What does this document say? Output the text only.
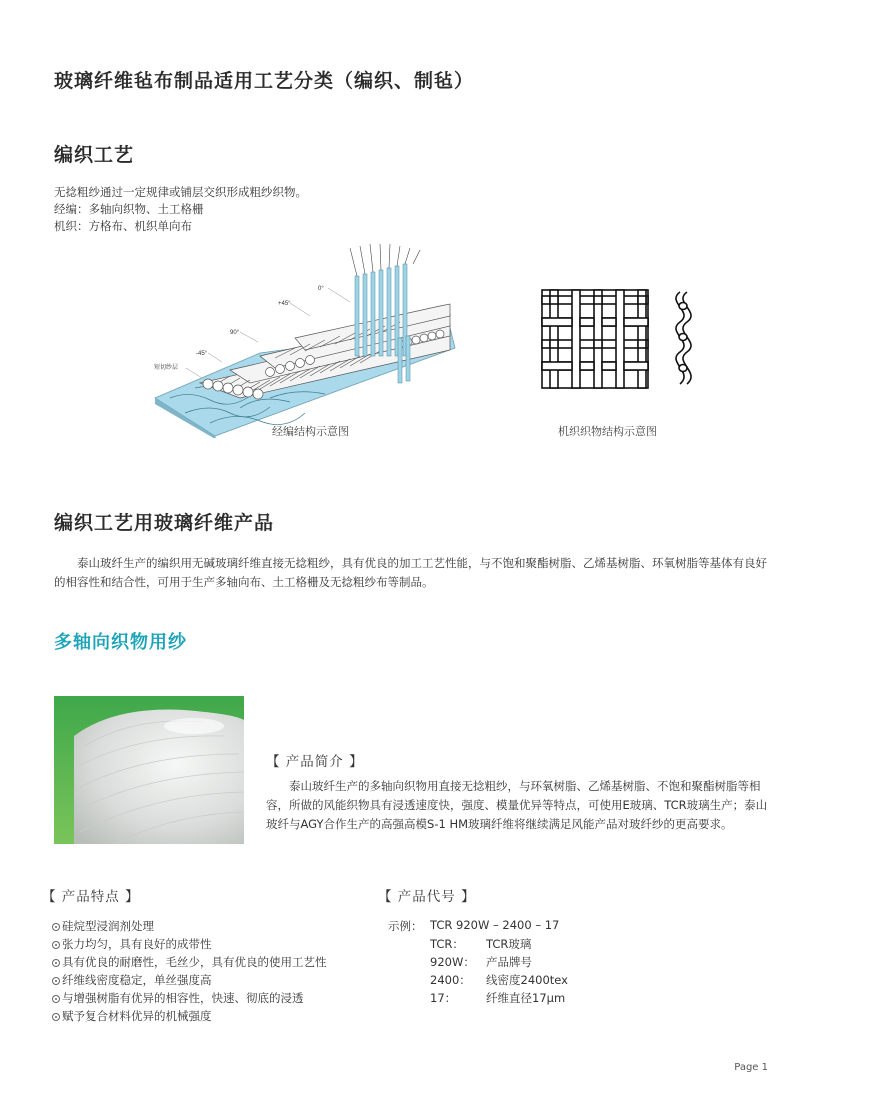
玻璃纤维毡布制品适用工艺分类（编织、制毡）
编织工艺
无捻粗纱通过一定规律或铺层交织形成粗纱织物。
经编：多轴向织物、土工格栅
机织：方格布、机织单向布
0°
+45°
90°
-45°
短切纱层
经编结构示意图	机织织物结构示意图
编织工艺用玻璃纤维产品
泰山玻纤生产的编织用无碱玻璃纤维直接无捻粗纱，具有优良的加工工艺性能，与不饱和聚酯树脂、乙烯基树脂、环氧树脂等基体有良好的相容性和结合性，可用于生产多轴向布、土工格栅及无捻粗纱布等制品。
多轴向织物用纱
【 产品简介 】
泰山玻纤生产的多轴向织物用直接无捻粗纱，与环氧树脂、乙烯基树脂、不饱和聚酯树脂等相容，所做的风能织物具有浸透速度快，强度、模量优异等特点，可使用E玻璃、TCR玻璃生产；泰山玻纤与AGY合作生产的高强高模S-1 HM玻璃纤维将继续满足风能产品对玻纤纱的更高要求。
【 产品特点 】
硅烷型浸润剂处理
张力均匀，具有良好的成带性
具有优良的耐磨性，毛丝少，具有优良的使用工艺性
纤维线密度稳定，单丝强度高
与增强树脂有优异的相容性，快速、彻底的浸透
赋予复合材料优异的机械强度
【 产品代号 】
示例： TCR 920W – 2400 – 17
TCR： TCR玻璃
920W： 产品牌号
2400： 线密度2400tex
17：	纤维直径17μm
Page 1
